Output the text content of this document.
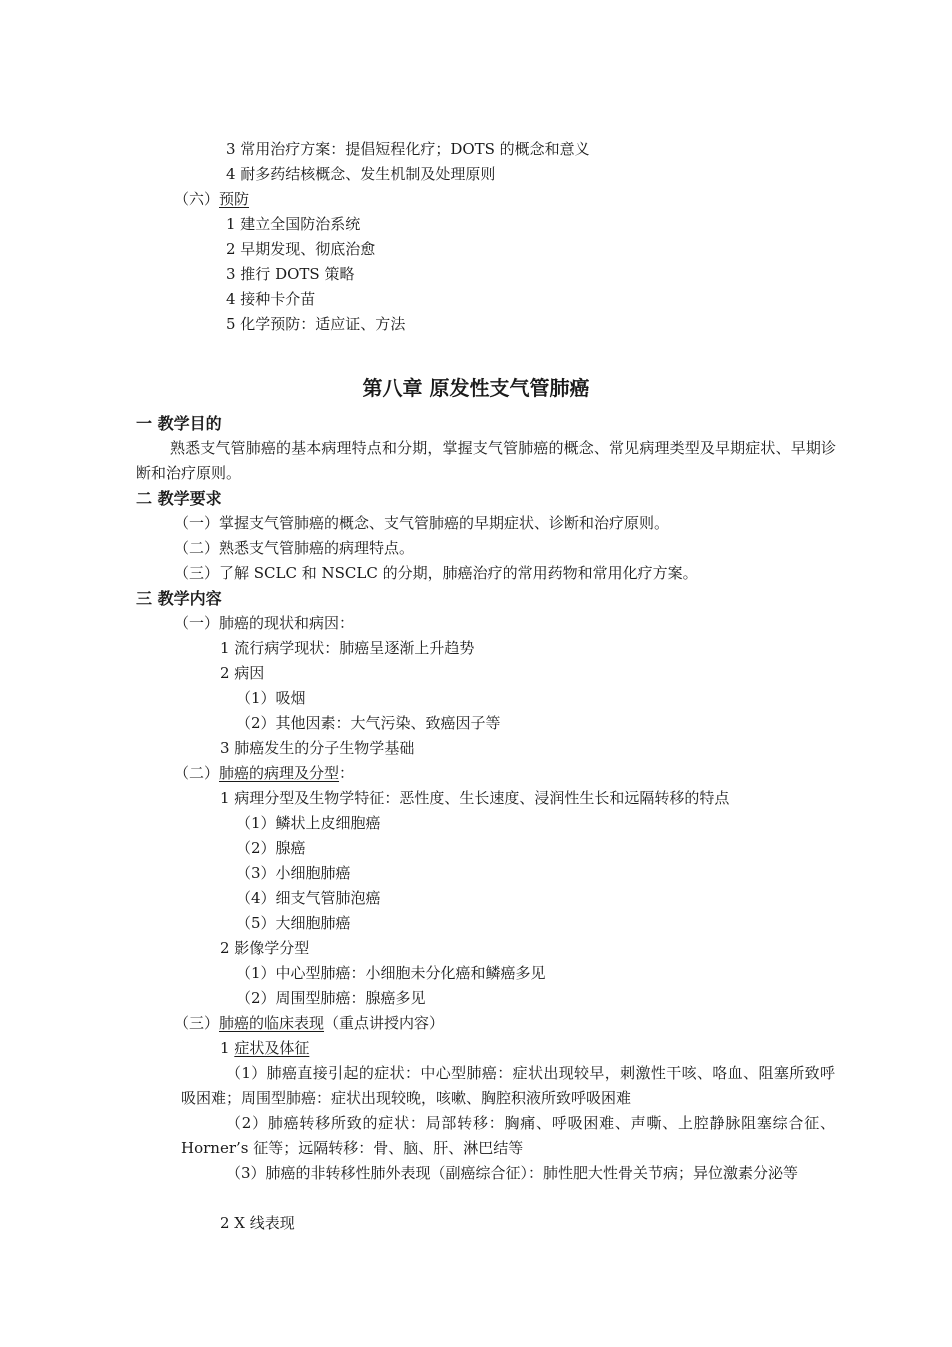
3 常用治疗方案：提倡短程化疗；DOTS 的概念和意义
4 耐多药结核概念、发生机制及处理原则
（六）预防
1 建立全国防治系统
2 早期发现、彻底治愈
3 推行 DOTS 策略
4 接种卡介苗
5 化学预防：适应证、方法
第八章 原发性支气管肺癌
一 教学目的
熟悉支气管肺癌的基本病理特点和分期，掌握支气管肺癌的概念、常见病理类型及早期症状、早期诊断和治疗原则。
二 教学要求
（一）掌握支气管肺癌的概念、支气管肺癌的早期症状、诊断和治疗原则。
（二）熟悉支气管肺癌的病理特点。
（三）了解 SCLC 和 NSCLC 的分期，肺癌治疗的常用药物和常用化疗方案。
三 教学内容
（一）肺癌的现状和病因：
1 流行病学现状：肺癌呈逐渐上升趋势
2 病因
（1）吸烟
（2）其他因素：大气污染、致癌因子等
3 肺癌发生的分子生物学基础
（二）肺癌的病理及分型：
1 病理分型及生物学特征：恶性度、生长速度、浸润性生长和远隔转移的特点
（1）鳞状上皮细胞癌
（2）腺癌
（3）小细胞肺癌
（4）细支气管肺泡癌
（5）大细胞肺癌
2 影像学分型
（1）中心型肺癌：小细胞未分化癌和鳞癌多见
（2）周围型肺癌：腺癌多见
（三）肺癌的临床表现（重点讲授内容）
1 症状及体征
（1）肺癌直接引起的症状：中心型肺癌：症状出现较早，刺激性干咳、咯血、阻塞所致呼吸困难；周围型肺癌：症状出现较晚，咳嗽、胸腔积液所致呼吸困难
（2）肺癌转移所致的症状：局部转移：胸痛、呼吸困难、声嘶、上腔静脉阻塞综合征、Horner’s 征等；远隔转移：骨、脑、肝、淋巴结等
（3）肺癌的非转移性肺外表现（副癌综合征）：肺性肥大性骨关节病；异位激素分泌等
2 X 线表现
